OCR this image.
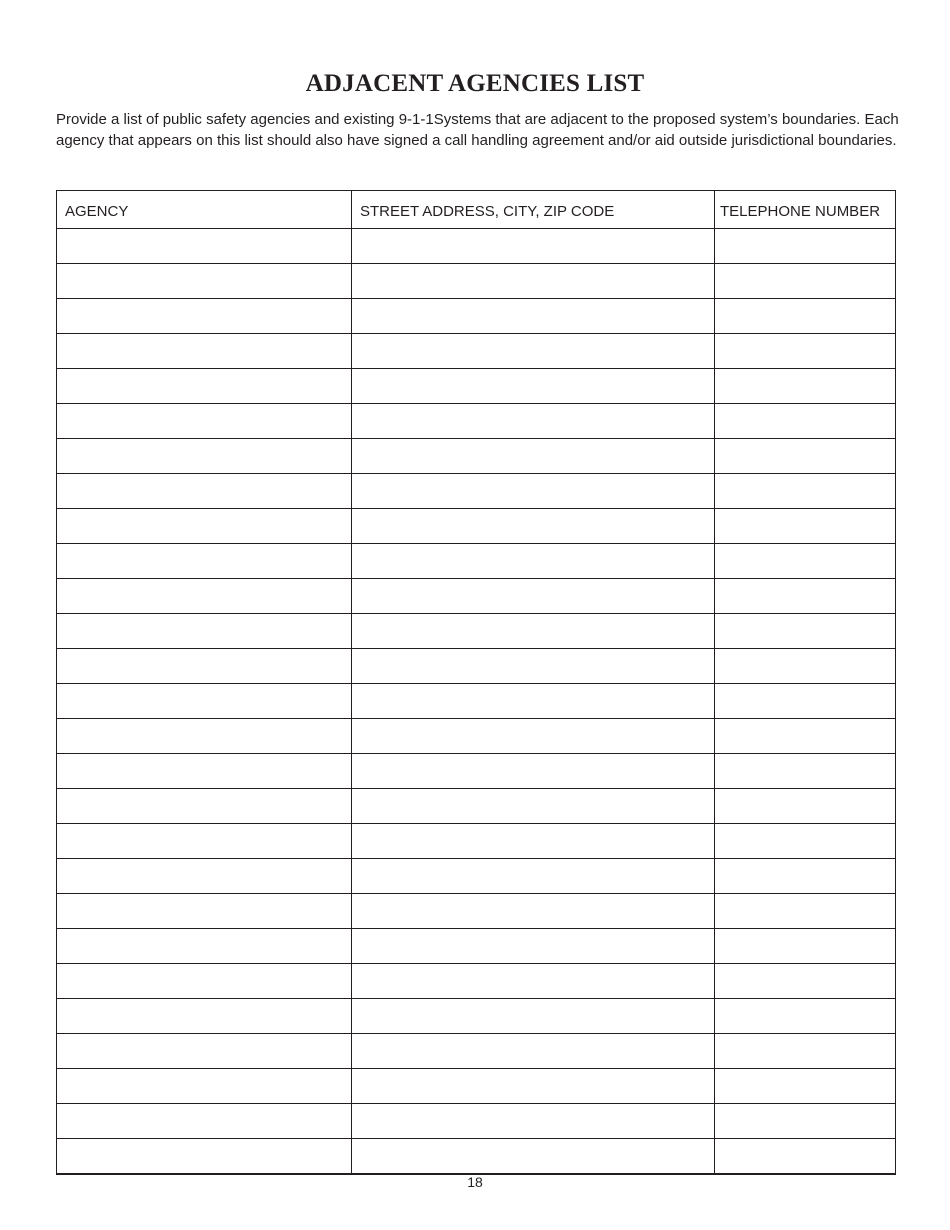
ADJACENT AGENCIES LIST

Provide a list of public safety agencies and existing 9-1-1Systems that are adjacent to the proposed system’s boundaries. Each agency that appears on this list should also have signed a call handling agreement and/or aid outside jurisdictional boundaries.

AGENCY	STREET ADDRESS, CITY, ZIP CODE	TELEPHONE NUMBER

18
